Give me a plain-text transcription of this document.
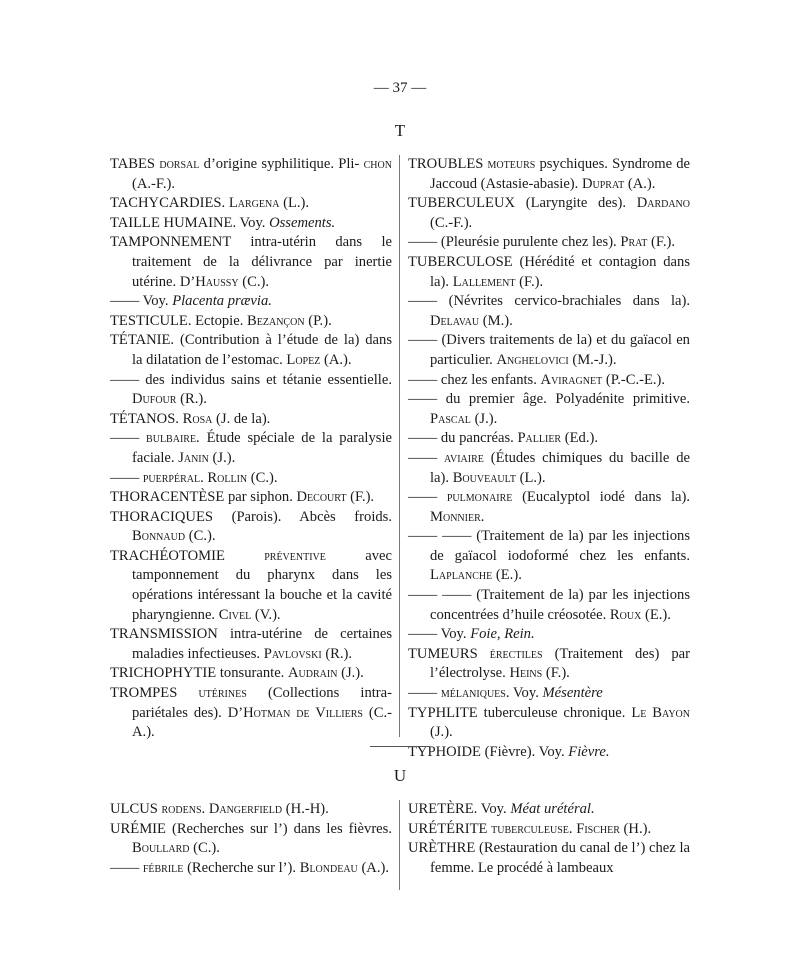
— 37 —
T
TABES dorsal d’origine syphilitique. Pli- chon (A.-F.).
TACHYCARDIES. Largena (L.).
TAILLE HUMAINE. Voy. Ossements.
TAMPONNEMENT intra-utérin dans le traitement de la délivrance par inertie utérine. D’Haussy (C.).
—— Voy. Placenta prævia.
TESTICULE. Ectopie. Bezançon (P.).
TÉTANIE. (Contribution à l’étude de la) dans la dilatation de l’estomac. Lopez (A.).
—— des individus sains et tétanie essentielle. Dufour (R.).
TÉTANOS. Rosa (J. de la).
—— bulbaire. Étude spéciale de la paralysie faciale. Janin (J.).
—— puerpéral. Rollin (C.).
THORACENTÈSE par siphon. Decourt (F.).
THORACIQUES (Parois). Abcès froids. Bonnaud (C.).
TRACHÉOTOMIE	préventive	avec tamponnement du pharynx dans les opérations intéressant la bouche et la cavité pharyngienne. Civel (V.).
TRANSMISSION intra-utérine de certaines maladies infectieuses. Pavlovski (R.).
TRICHOPHYTIE tonsurante. Audrain (J.).
TROMPES utérines (Collections intra-pariétales des). D’Hotman de Villiers (C.-A.).
TROUBLES moteurs psychiques. Syndrome de Jaccoud (Astasie-abasie). Duprat (A.).
TUBERCULEUX (Laryngite des). Dardano (C.-F.).
—— (Pleurésie purulente chez les). Prat (F.).
TUBERCULOSE (Hérédité et contagion dans la). Lallement (F.).
—— (Névrites cervico-brachiales dans la). Delavau (M.).
—— (Divers traitements de la) et du gaïacol en particulier. Anghelovici (M.-J.).
—— chez les enfants. Aviragnet (P.-C.-E.).
—— du premier âge. Polyadénite primitive. Pascal (J.).
—— du pancréas. Pallier (Ed.).
—— aviaire (Études chimiques du bacille de la). Bouveault (L.).
—— pulmonaire (Eucalyptol iodé dans la). Monnier.
—— —— (Traitement de la) par les injections de gaïacol iodoformé chez les enfants. Laplanche (E.).
—— —— (Traitement de la) par les injections concentrées d’huile créosotée. Roux (E.).
—— Voy. Foie, Rein.
TUMEURS érectiles (Traitement des) par l’électrolyse. Heins (F.).
—— mélaniques. Voy. Mésentère
TYPHLITE tuberculeuse chronique. Le Bayon (J.).
TYPHOIDE (Fièvre). Voy. Fièvre.
U
ULCUS rodens. Dangerfield (H.-H).
URÉMIE (Recherches sur l’) dans les fièvres. Boullard (C.).
—— fébrile (Recherche sur l’). Blondeau (A.).
URETÈRE. Voy. Méat urétéral.
URÉTÉRITE tuberculeuse. Fischer (H.).
URÈTHRE (Restauration du canal de l’) chez la femme. Le procédé à lambeaux
